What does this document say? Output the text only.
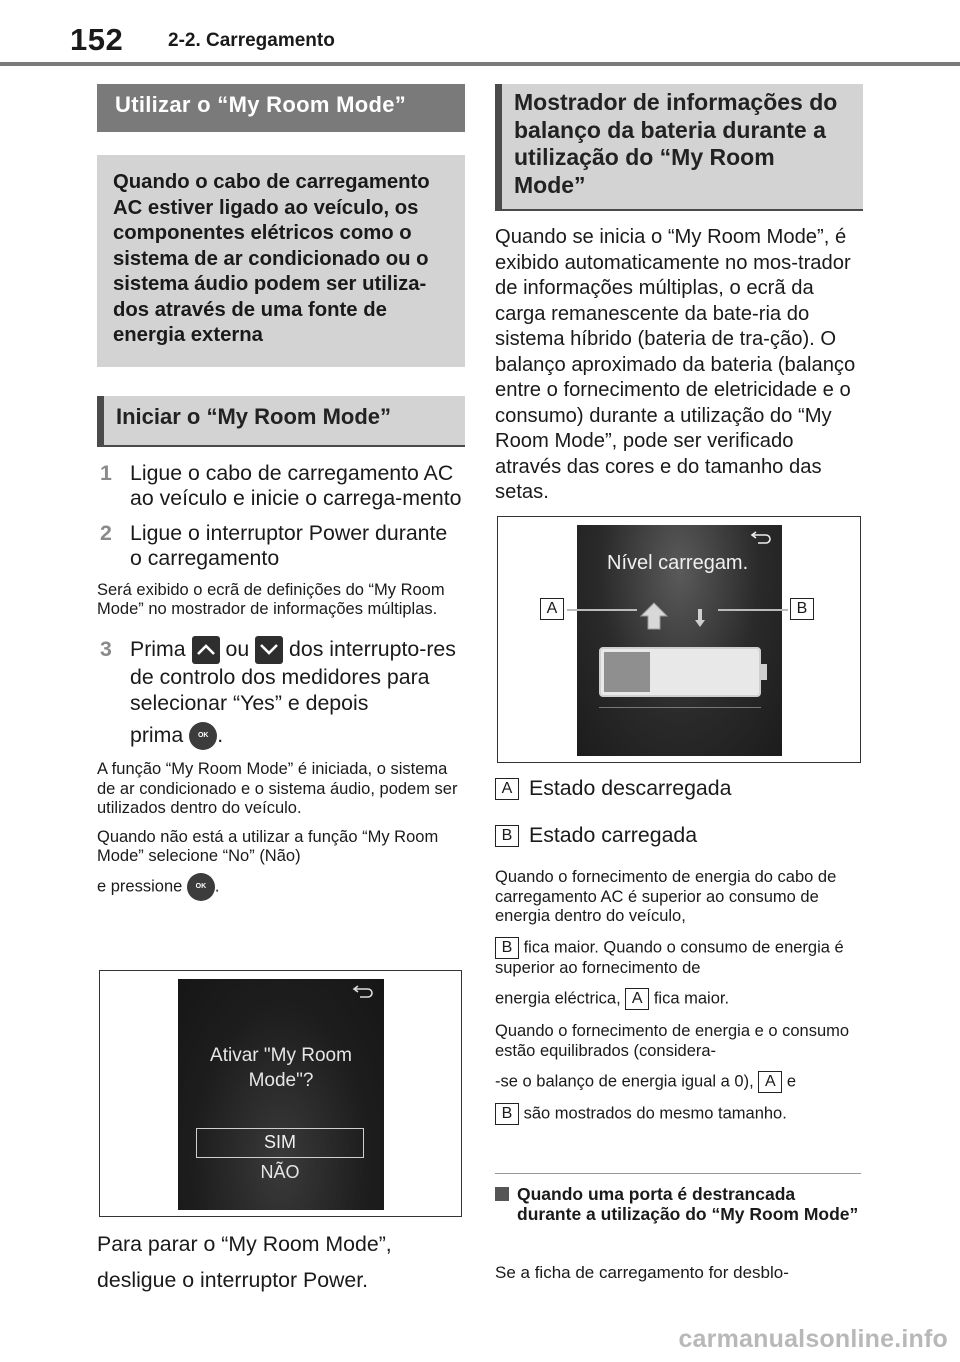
152 2-2. Carregamento
Utilizar o “My Room Mode”
Quando o cabo de carregamento AC estiver ligado ao veículo, os componentes elétricos como o sistema de ar condicionado ou o sistema áudio podem ser utiliza-dos através de uma fonte de energia externa
Iniciar o “My Room Mode”
1 Ligue o cabo de carregamento AC ao veículo e inicie o carrega-mento
2 Ligue o interruptor Power durante o carregamento
Será exibido o ecrã de definições do “My Room Mode” no mostrador de informações múltiplas.
3 Prima ou dos interrupto-res de controlo dos medidores para selecionar “Yes” e depois
prima OK .
A função “My Room Mode” é iniciada, o sistema de ar condicionado e o sistema áudio, podem ser utilizados dentro do veículo.
Quando não está a utilizar a função “My Room Mode” selecione “No” (Não)
e pressione OK .
Ativar "My Room Mode"?
SIM
NÃO
Para parar o “My Room Mode”,
desligue o interruptor Power.
Mostrador de informações do balanço da bateria durante a utilização do “My Room Mode”
Quando se inicia o “My Room Mode”, é exibido automaticamente no mos-trador de informações múltiplas, o ecrã da carga remanescente da bate-ria do sistema híbrido (bateria de tra-ção). O balanço aproximado da bateria (balanço entre o fornecimento de eletricidade e o consumo) durante a utilização do “My Room Mode”, pode ser verificado através das cores e do tamanho das setas.
Nível carregam.
A	B
A Estado descarregada
B Estado carregada
Quando o fornecimento de energia do cabo de carregamento AC é superior ao consumo de energia dentro do veículo,
B fica maior. Quando o consumo de energia é superior ao fornecimento de
energia eléctrica, A fica maior.
Quando o fornecimento de energia e o consumo estão equilibrados (considera-
-se o balanço de energia igual a 0), A e
B são mostrados do mesmo tamanho.
Quando uma porta é destrancada durante a utilização do “My Room Mode”
Se a ficha de carregamento for desblo-
carmanualsonline.info
